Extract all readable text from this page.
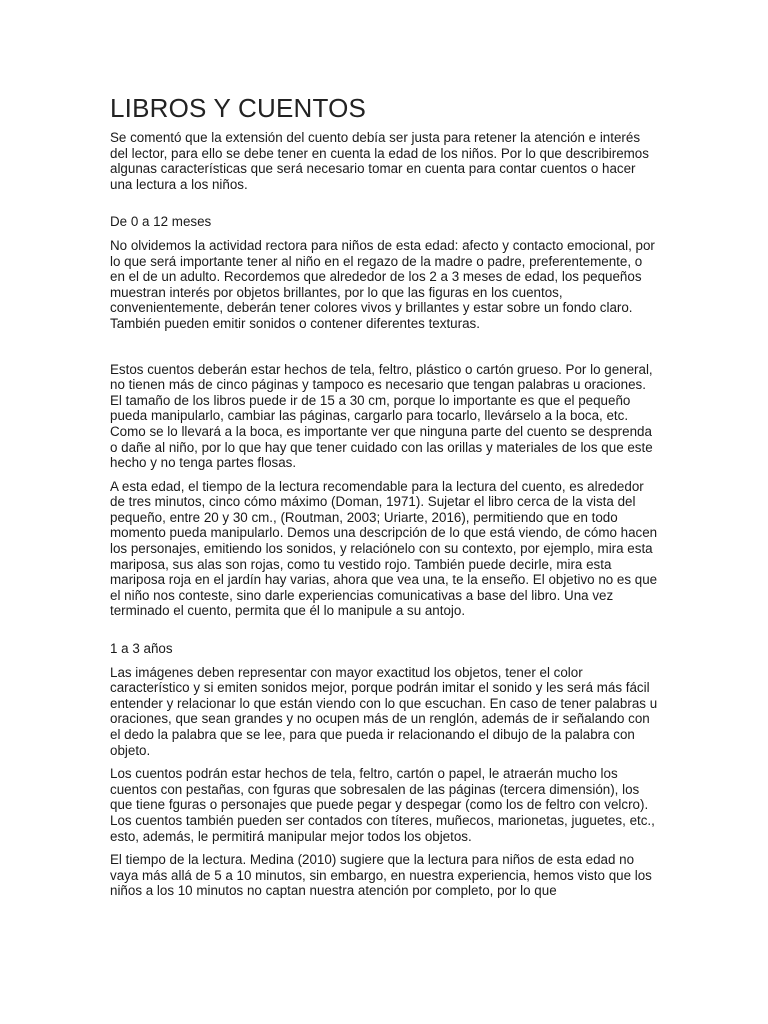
LIBROS Y CUENTOS

Se comentó que la extensión del cuento debía ser justa para retener la atención e interés del lector, para ello se debe tener en cuenta la edad de los niños. Por lo que describiremos algunas características que será necesario tomar en cuenta para contar cuentos o hacer una lectura a los niños.

De 0 a 12 meses

No olvidemos la actividad rectora para niños de esta edad: afecto y contacto emocional, por lo que será importante tener al niño en el regazo de la madre o padre, preferentemente, o en el de un adulto. Recordemos que alrededor de los 2 a 3 meses de edad, los pequeños muestran interés por objetos brillantes, por lo que las figuras en los cuentos, convenientemente, deberán tener colores vivos y brillantes y estar sobre un fondo claro. También pueden emitir sonidos o contener diferentes texturas.

Estos cuentos deberán estar hechos de tela, feltro, plástico o cartón grueso. Por lo general, no tienen más de cinco páginas y tampoco es necesario que tengan palabras u oraciones. El tamaño de los libros puede ir de 15 a 30 cm, porque lo importante es que el pequeño pueda manipularlo, cambiar las páginas, cargarlo para tocarlo, llevárselo a la boca, etc. Como se lo llevará a la boca, es importante ver que ninguna parte del cuento se desprenda o dañe al niño, por lo que hay que tener cuidado con las orillas y materiales de los que este hecho y no tenga partes flosas.

A esta edad, el tiempo de la lectura recomendable para la lectura del cuento, es alrededor de tres minutos, cinco cómo máximo (Doman, 1971). Sujetar el libro cerca de la vista del pequeño, entre 20 y 30 cm., (Routman, 2003; Uriarte, 2016), permitiendo que en todo momento pueda manipularlo. Demos una descripción de lo que está viendo, de cómo hacen los personajes, emitiendo los sonidos, y relaciónelo con su contexto, por ejemplo, mira esta mariposa, sus alas son rojas, como tu vestido rojo. También puede decirle, mira esta mariposa roja en el jardín hay varias, ahora que vea una, te la enseño. El objetivo no es que el niño nos conteste, sino darle experiencias comunicativas a base del libro. Una vez terminado el cuento, permita que él lo manipule a su antojo.

1 a 3 años

Las imágenes deben representar con mayor exactitud los objetos, tener el color característico y si emiten sonidos mejor, porque podrán imitar el sonido y les será más fácil entender y relacionar lo que están viendo con lo que escuchan. En caso de tener palabras u oraciones, que sean grandes y no ocupen más de un renglón, además de ir señalando con el dedo la palabra que se lee, para que pueda ir relacionando el dibujo de la palabra con objeto.

Los cuentos podrán estar hechos de tela, feltro, cartón o papel, le atraerán mucho los cuentos con pestañas, con fguras que sobresalen de las páginas (tercera dimensión), los que tiene fguras o personajes que puede pegar y despegar (como los de feltro con velcro). Los cuentos también pueden ser contados con títeres, muñecos, marionetas, juguetes, etc., esto, además, le permitirá manipular mejor todos los objetos.

El tiempo de la lectura. Medina (2010) sugiere que la lectura para niños de esta edad no vaya más allá de 5 a 10 minutos, sin embargo, en nuestra experiencia, hemos visto que los niños a los 10 minutos no captan nuestra atención por completo, por lo que
